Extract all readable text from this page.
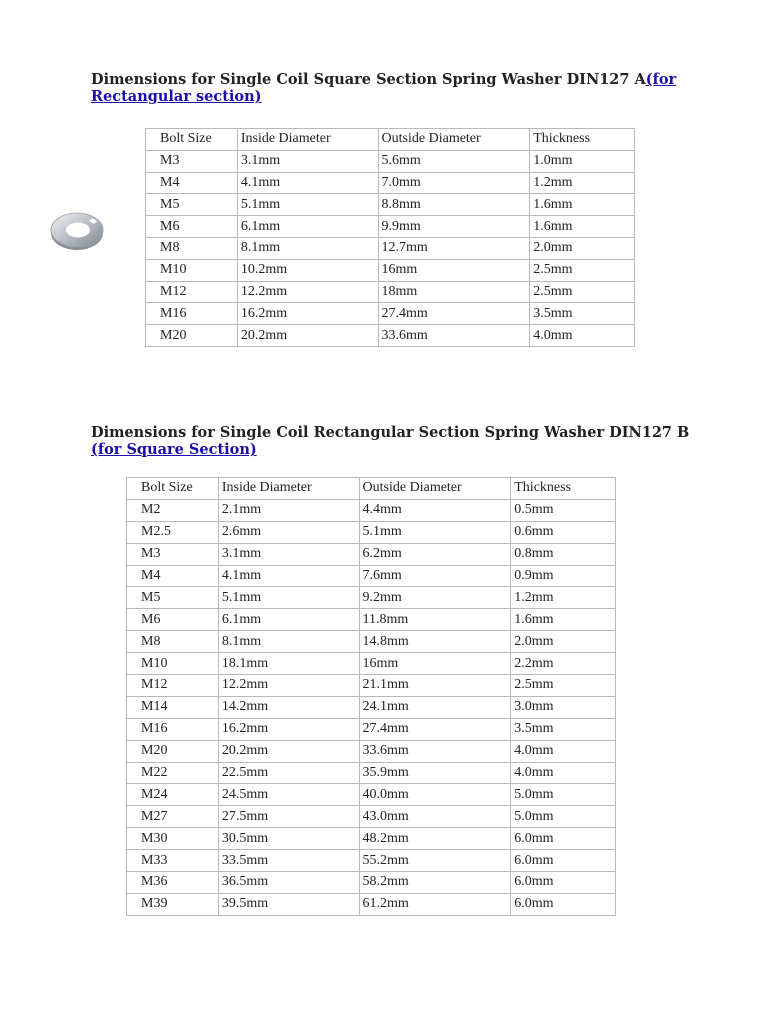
Dimensions for Single Coil Square Section Spring Washer DIN127 A(for Rectangular section)
Bolt Size	Inside Diameter	Outside Diameter	Thickness
M3	3.1mm	5.6mm	1.0mm
M4	4.1mm	7.0mm	1.2mm
M5	5.1mm	8.8mm	1.6mm
M6	6.1mm	9.9mm	1.6mm
M8	8.1mm	12.7mm	2.0mm
M10	10.2mm	16mm	2.5mm
M12	12.2mm	18mm	2.5mm
M16	16.2mm	27.4mm	3.5mm
M20	20.2mm	33.6mm	4.0mm
Dimensions for Single Coil Rectangular Section Spring Washer DIN127 B (for Square Section)
Bolt Size	Inside Diameter	Outside Diameter	Thickness
M2	2.1mm	4.4mm	0.5mm
M2.5	2.6mm	5.1mm	0.6mm
M3	3.1mm	6.2mm	0.8mm
M4	4.1mm	7.6mm	0.9mm
M5	5.1mm	9.2mm	1.2mm
M6	6.1mm	11.8mm	1.6mm
M8	8.1mm	14.8mm	2.0mm
M10	18.1mm	16mm	2.2mm
M12	12.2mm	21.1mm	2.5mm
M14	14.2mm	24.1mm	3.0mm
M16	16.2mm	27.4mm	3.5mm
M20	20.2mm	33.6mm	4.0mm
M22	22.5mm	35.9mm	4.0mm
M24	24.5mm	40.0mm	5.0mm
M27	27.5mm	43.0mm	5.0mm
M30	30.5mm	48.2mm	6.0mm
M33	33.5mm	55.2mm	6.0mm
M36	36.5mm	58.2mm	6.0mm
M39	39.5mm	61.2mm	6.0mm
